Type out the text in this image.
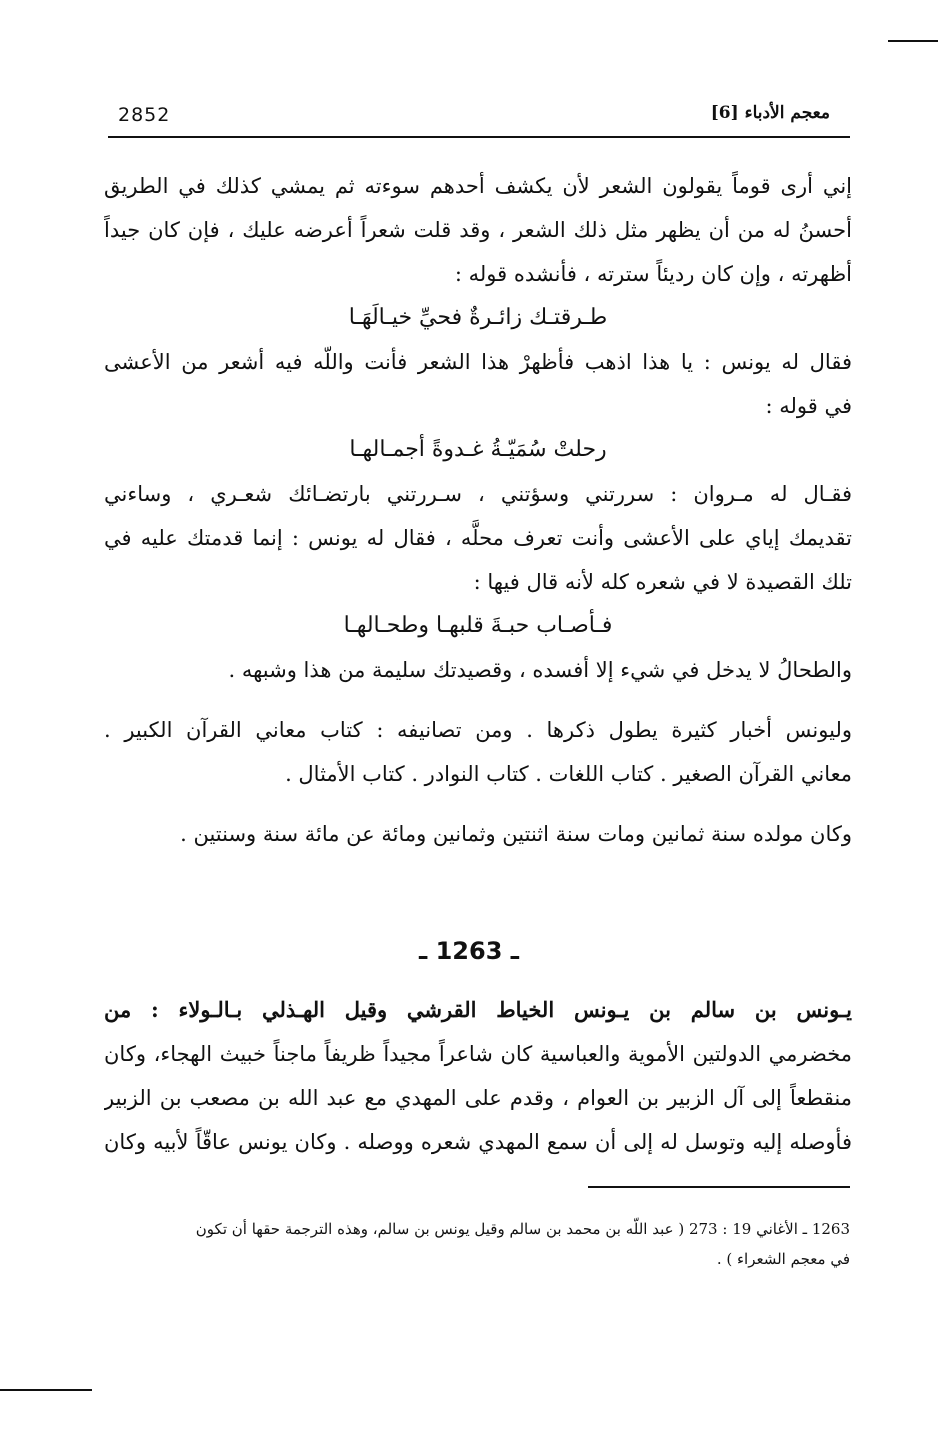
2852	معجم الأدباء [6]
إني أرى قوماً يقولون الشعر لأن يكشف أحدهم سوءته ثم يمشي كذلك في الطريق
أحسنُ له من أن يظهر مثل ذلك الشعر ، وقد قلت شعراً أعرضه عليك ، فإن كان جيداً
أظهرته ، وإن كان رديئاً سترته ، فأنشده قوله :
طـرقتـك زائـرةٌ فحيِّ خيـالَهَـا
فقال له يونس : يا هذا اذهب فأظهرْ هذا الشعر فأنت واللّه فيه أشعر من الأعشى
في قوله :
رحلتْ سُمَيّـةُ غـدوةً أجمـالهـا
فقـال له مـروان : سررتني وسؤتني ، سـررتني بارتضـائك شعـري ، وساءني
تقديمك إياي على الأعشى وأنت تعرف محلَّه ، فقال له يونس : إنما قدمتك عليه في
تلك القصيدة لا في شعره كله لأنه قال فيها :
فـأصـاب حبـةَ قلبهـا وطحـالهـا
والطحالُ لا يدخل في شيء إلا أفسده ، وقصيدتك سليمة من هذا وشبهه .
وليونس أخبار كثيرة يطول ذكرها . ومن تصانيفه : كتاب معاني القرآن الكبير .
معاني القرآن الصغير . كتاب اللغات . كتاب النوادر . كتاب الأمثال .
وكان مولده سنة ثمانين ومات سنة اثنتين وثمانين ومائة عن مائة سنة وسنتين .
ـ 1263 ـ
يـونس بن سالم بن يـونس الخياط القرشي وقيل الهـذلي بـالـولاء : من
مخضرمي الدولتين الأموية والعباسية كان شاعراً مجيداً ظريفاً ماجناً خبيث الهجاء، وكان
منقطعاً إلى آل الزبير بن العوام ، وقدم على المهدي مع عبد الله بن مصعب بن الزبير
فأوصله إليه وتوسل له إلى أن سمع المهدي شعره ووصله . وكان يونس عاقّاً لأبيه وكان
1263 ـ الأغاني 19 : 273 ( عبد اللّه بن محمد بن سالم وقيل يونس بن سالم، وهذه الترجمة حقها أن تكون
في معجم الشعراء ) .
